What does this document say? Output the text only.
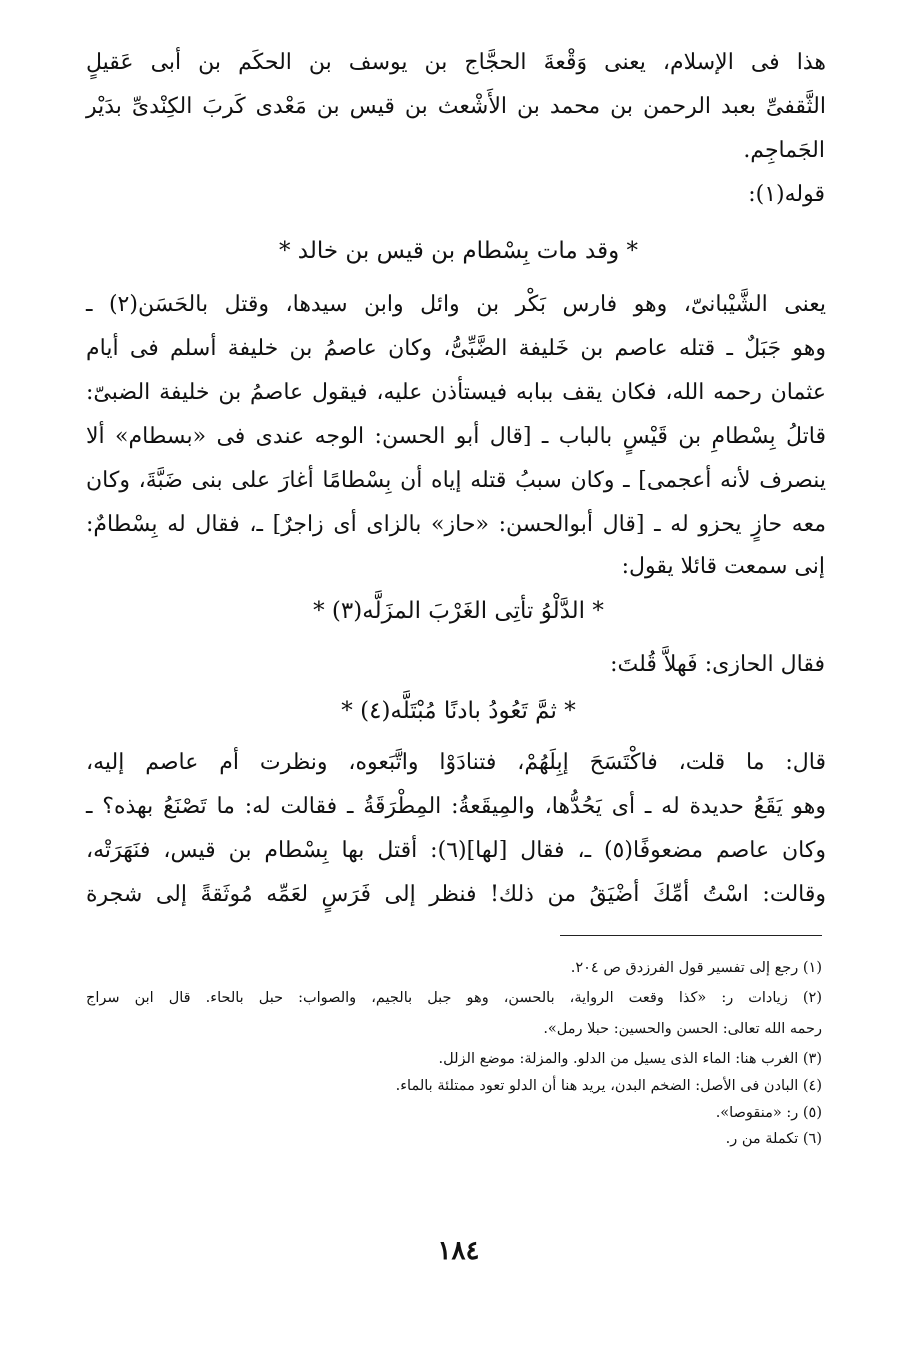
هذا فى الإسلام، يعنى وَقْعةَ الحجَّاج بن يوسف بن الحكَم بن أبى عَقيلٍ
الثَّقفىِّ بعبد الرحمن بن محمد بن الأَشْعث بن قيس بن مَعْدى كَربَ الكِنْدىِّ بدَيْر
الجَماجِم.
قوله(١):
* وقد مات بِسْطام بن قيس بن خالد *
يعنى الشَّيْبانىّ، وهو فارس بَكْر بن وائل وابن سيدها، وقتل بالحَسَن(٢) ـ
وهو جَبَلٌ ـ قتله عاصم بن خَليفة الضَّبِّىُّ، وكان عاصمُ بن خليفة أسلم فى أيام
عثمان رحمه الله، فكان يقف ببابه فيستأذن عليه، فيقول عاصمُ بن خليفة الضبىّ:
قاتلُ بِسْطامِ بن قَيْسٍ بالباب ـ [قال أبو الحسن: الوجه عندى فى «بسطام» ألا
ينصرف لأنه أعجمى] ـ وكان سببُ قتله إياه أن بِسْطامًا أغارَ على بنى ضَبَّةَ، وكان
معه حازٍ يحزو له ـ [قال أبوالحسن: «حاز» بالزاى أى زاجرٌ] ـ، فقال له بِسْطامٌ:
إنى سمعت قائلا يقول:
* الدَّلْوُ تأتِى الغَرْبَ المزَلَّه(٣) *
فقال الحازى: فَهلاَّ قُلتَ:
* ثمَّ تَعُودُ بادنًا مُبْتَلَّه(٤) *
قال: ما قلت، فاكْتَسَحَ إبِلَهُمْ، فتنادَوْا واتَّبَعوه، ونظرت أم عاصم إليه،
وهو يَقَعُ حديدة له ـ أى يَحُدُّها، والمِيقَعةُ: المِطْرَقَةُ ـ فقالت له: ما تَصْنَعُ بهذه؟ ـ
وكان عاصم مضعوفًا(٥) ـ، فقال [لها](٦): أقتل بها بِسْطام بن قيس، فنَهَرَتْه،
وقالت: اسْتُ أمِّكَ أضْيَقُ من ذلك! فنظر إلى فَرَسٍ لعَمِّه مُوثَقةً إلى شجرة
(١) رجع إلى تفسير قول الفرزدق ص ٢٠٤.
(٢) زيادات ر: «كذا وقعت الرواية، بالحسن، وهو جبل بالجيم، والصواب: حبل بالحاء. قال ابن سراج
رحمه الله تعالى: الحسن والحسين: حبلا رمل».
(٣) الغرب هنا: الماء الذى يسيل من الدلو. والمزلة: موضع الزلل.
(٤) البادن فى الأصل: الضخم البدن، يريد هنا أن الدلو تعود ممتلئة بالماء.
(٥) ر: «منقوصا».
(٦) تكملة من ر.
١٨٤
